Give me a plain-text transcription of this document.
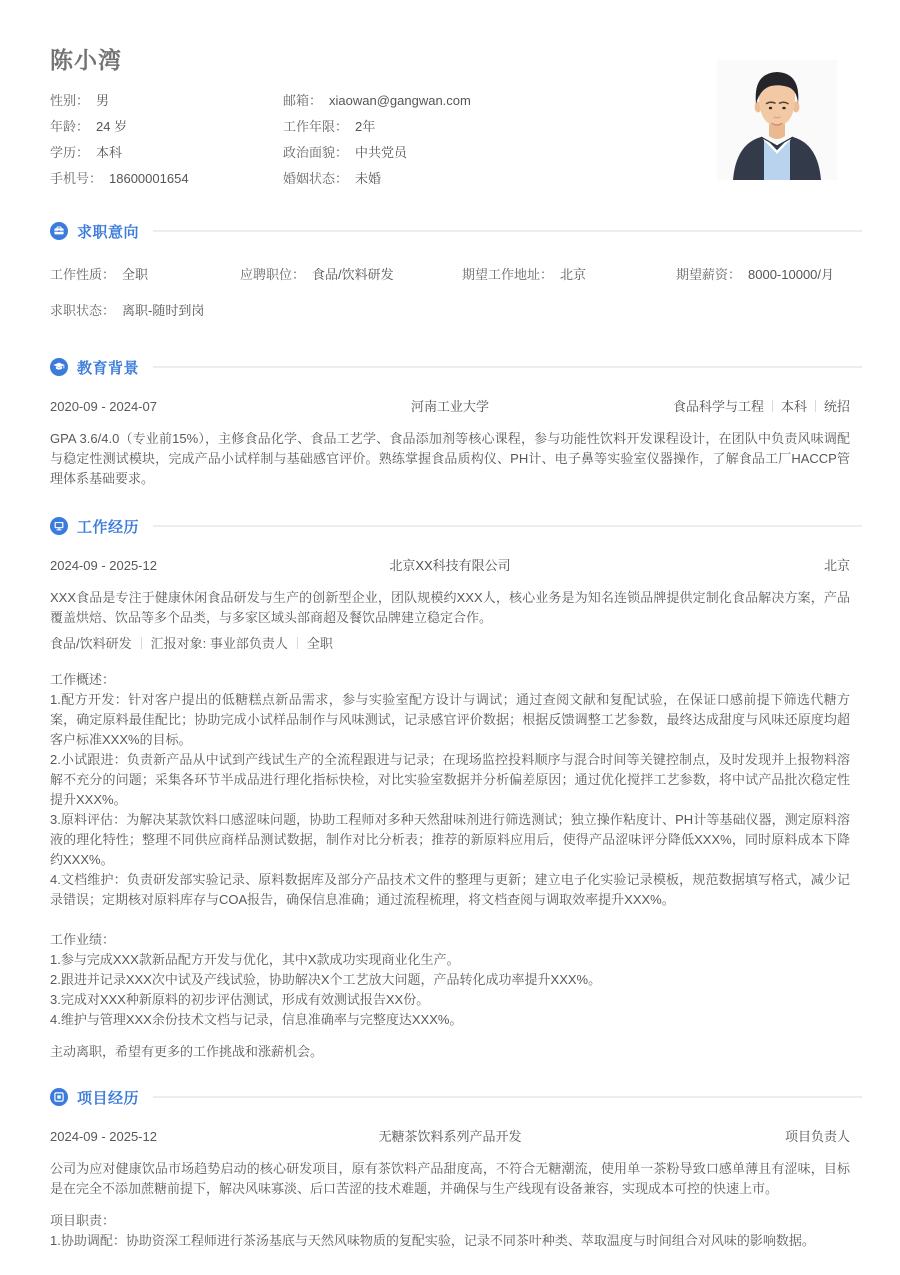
陈小湾
性别： 男	邮箱： xiaowan@gangwan.com
年龄： 24 岁	工作年限： 2年
学历： 本科	政治面貌： 中共党员
手机号： 18600001654	婚姻状态： 未婚
求职意向
工作性质： 全职	应聘职位： 食品/饮料研发	期望工作地址： 北京	期望薪资： 8000-10000/月
求职状态： 离职-随时到岗
教育背景
2020-09 - 2024-07	河南工业大学	食品科学与工程 本科 统招
GPA 3.6/4.0（专业前15%），主修食品化学、食品工艺学、食品添加剂等核心课程，参与功能性饮料开发课程设计，在团队中负责风味调配与稳定性测试模块，完成产品小试样制与基础感官评价。熟练掌握食品质构仪、PH计、电子鼻等实验室仪器操作，了解食品工厂HACCP管理体系基础要求。
工作经历
2024-09 - 2025-12	北京XX科技有限公司	北京
XXX食品是专注于健康休闲食品研发与生产的创新型企业，团队规模约XXX人，核心业务是为知名连锁品牌提供定制化食品解决方案，产品覆盖烘焙、饮品等多个品类，与多家区域头部商超及餐饮品牌建立稳定合作。
食品/饮料研发 汇报对象: 事业部负责人 全职
工作概述：
1.配方开发：针对客户提出的低糖糕点新品需求，参与实验室配方设计与调试；通过查阅文献和复配试验，在保证口感前提下筛选代糖方案，确定原料最佳配比；协助完成小试样品制作与风味测试，记录感官评价数据；根据反馈调整工艺参数，最终达成甜度与风味还原度均超客户标准XXX%的目标。
2.小试跟进：负责新产品从中试到产线试生产的全流程跟进与记录；在现场监控投料顺序与混合时间等关键控制点，及时发现并上报物料溶解不充分的问题；采集各环节半成品进行理化指标快检，对比实验室数据并分析偏差原因；通过优化搅拌工艺参数，将中试产品批次稳定性提升XXX%。
3.原料评估：为解决某款饮料口感涩味问题，协助工程师对多种天然甜味剂进行筛选测试；独立操作粘度计、PH计等基础仪器，测定原料溶液的理化特性；整理不同供应商样品测试数据，制作对比分析表；推荐的新原料应用后，使得产品涩味评分降低XXX%，同时原料成本下降约XXX%。
4.文档维护：负责研发部实验记录、原料数据库及部分产品技术文件的整理与更新；建立电子化实验记录模板，规范数据填写格式，减少记录错误；定期核对原料库存与COA报告，确保信息准确；通过流程梳理，将文档查阅与调取效率提升XXX%。
工作业绩：
1.参与完成XXX款新品配方开发与优化，其中X款成功实现商业化生产。
2.跟进并记录XXX次中试及产线试验，协助解决X个工艺放大问题，产品转化成功率提升XXX%。
3.完成对XXX种新原料的初步评估测试，形成有效测试报告XX份。
4.维护与管理XXX余份技术文档与记录，信息准确率与完整度达XXX%。
主动离职，希望有更多的工作挑战和涨薪机会。
项目经历
2024-09 - 2025-12	无糖茶饮料系列产品开发	项目负责人
公司为应对健康饮品市场趋势启动的核心研发项目，原有茶饮料产品甜度高，不符合无糖潮流，使用单一茶粉导致口感单薄且有涩味，目标是在完全不添加蔗糖前提下，解决风味寡淡、后口苦涩的技术难题，并确保与生产线现有设备兼容，实现成本可控的快速上市。
项目职责：
1.协助调配：协助资深工程师进行茶汤基底与天然风味物质的复配实验，记录不同茶叶种类、萃取温度与时间组合对风味的影响数据。
